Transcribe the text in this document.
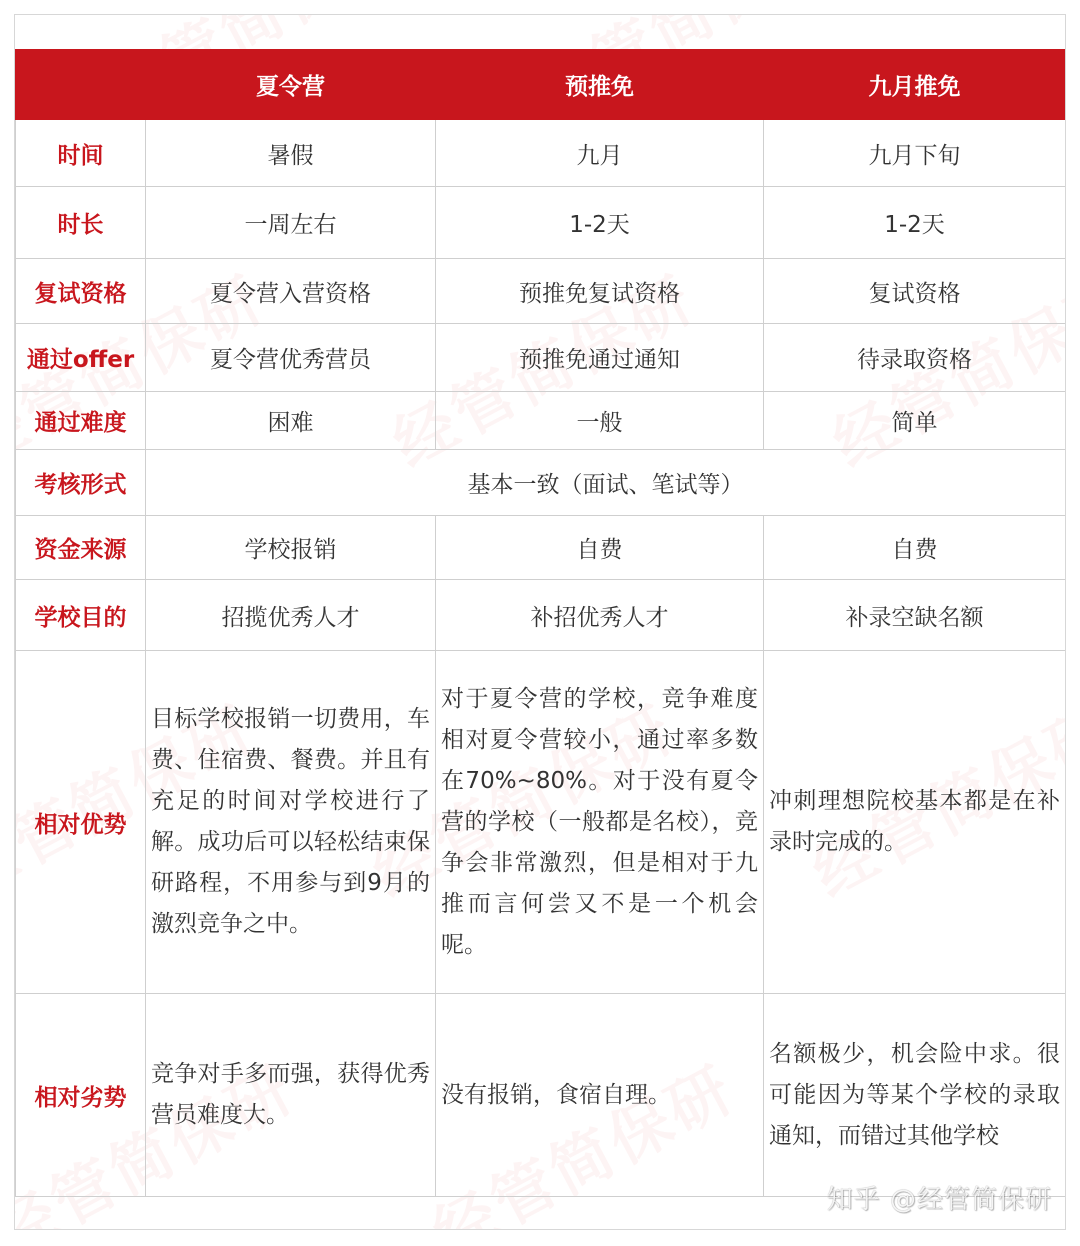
	夏令营	预推免	九月推免
时间	暑假	九月	九月下旬
时长	一周左右	1-2天	1-2天
复试资格	夏令营入营资格	预推免复试资格	复试资格
通过offer	夏令营优秀营员	预推免通过通知	待录取资格
通过难度	困难	一般	简单
考核形式	基本一致（面试、笔试等）		
资金来源	学校报销	自费	自费
学校目的	招揽优秀人才	补招优秀人才	补录空缺名额
相对优势	目标学校报销一切费用，车费、住宿费、餐费。并且有充足的时间对学校进行了解。成功后可以轻松结束保研路程，不用参与到9月的激烈竞争之中。	对于夏令营的学校，竞争难度相对夏令营较小，通过率多数在70%~80%。对于没有夏令营的学校（一般都是名校），竞争会非常激烈，但是相对于九推而言何尝又不是一个机会呢。	冲刺理想院校基本都是在补录时完成的。
相对劣势	竞争对手多而强，获得优秀营员难度大。	没有报销，食宿自理。	名额极少，机会险中求。很可能因为等某个学校的录取通知，而错过其他学校
知乎 @经管简保研
